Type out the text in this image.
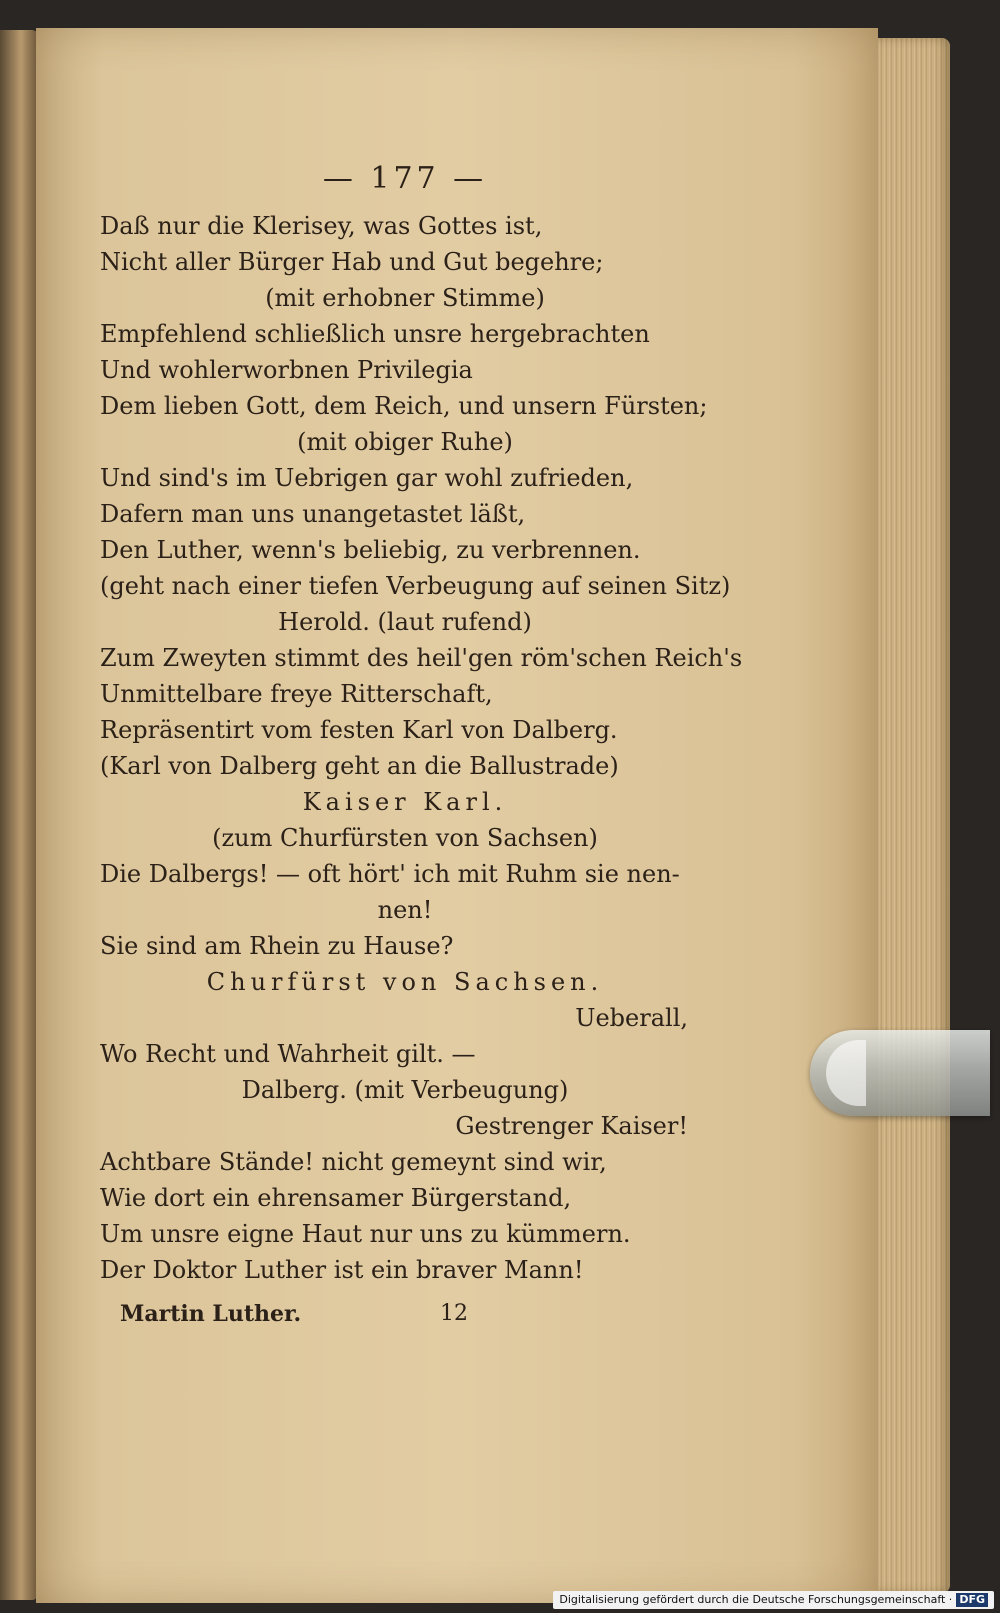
— 177 —
Daß nur die Klerisey, was Gottes ist,
Nicht aller Bürger Hab und Gut begehre;
(mit erhobner Stimme)
Empfehlend schließlich unsre hergebrachten
Und wohlerworbnen Privilegia
Dem lieben Gott, dem Reich, und unsern Fürsten;
(mit obiger Ruhe)
Und sind's im Uebrigen gar wohl zufrieden,
Dafern man uns unangetastet läßt,
Den Luther, wenn's beliebig, zu verbrennen.
(geht nach einer tiefen Verbeugung auf seinen Sitz)
Herold. (laut rufend)
Zum Zweyten stimmt des heil'gen röm'schen Reich's
Unmittelbare freye Ritterschaft,
Repräsentirt vom festen Karl von Dalberg.
(Karl von Dalberg geht an die Ballustrade)
Kaiser Karl.
(zum Churfürsten von Sachsen)
Die Dalbergs! — oft hört' ich mit Ruhm sie nen-
nen!
Sie sind am Rhein zu Hause?
Churfürst von Sachsen.
Ueberall,
Wo Recht und Wahrheit gilt. —
Dalberg. (mit Verbeugung)
Gestrenger Kaiser!
Achtbare Stände! nicht gemeynt sind wir,
Wie dort ein ehrensamer Bürgerstand,
Um unsre eigne Haut nur uns zu kümmern.
Der Doktor Luther ist ein braver Mann!
Martin Luther.	12
Digitalisierung gefördert durch die Deutsche Forschungsgemeinschaft · DFG
